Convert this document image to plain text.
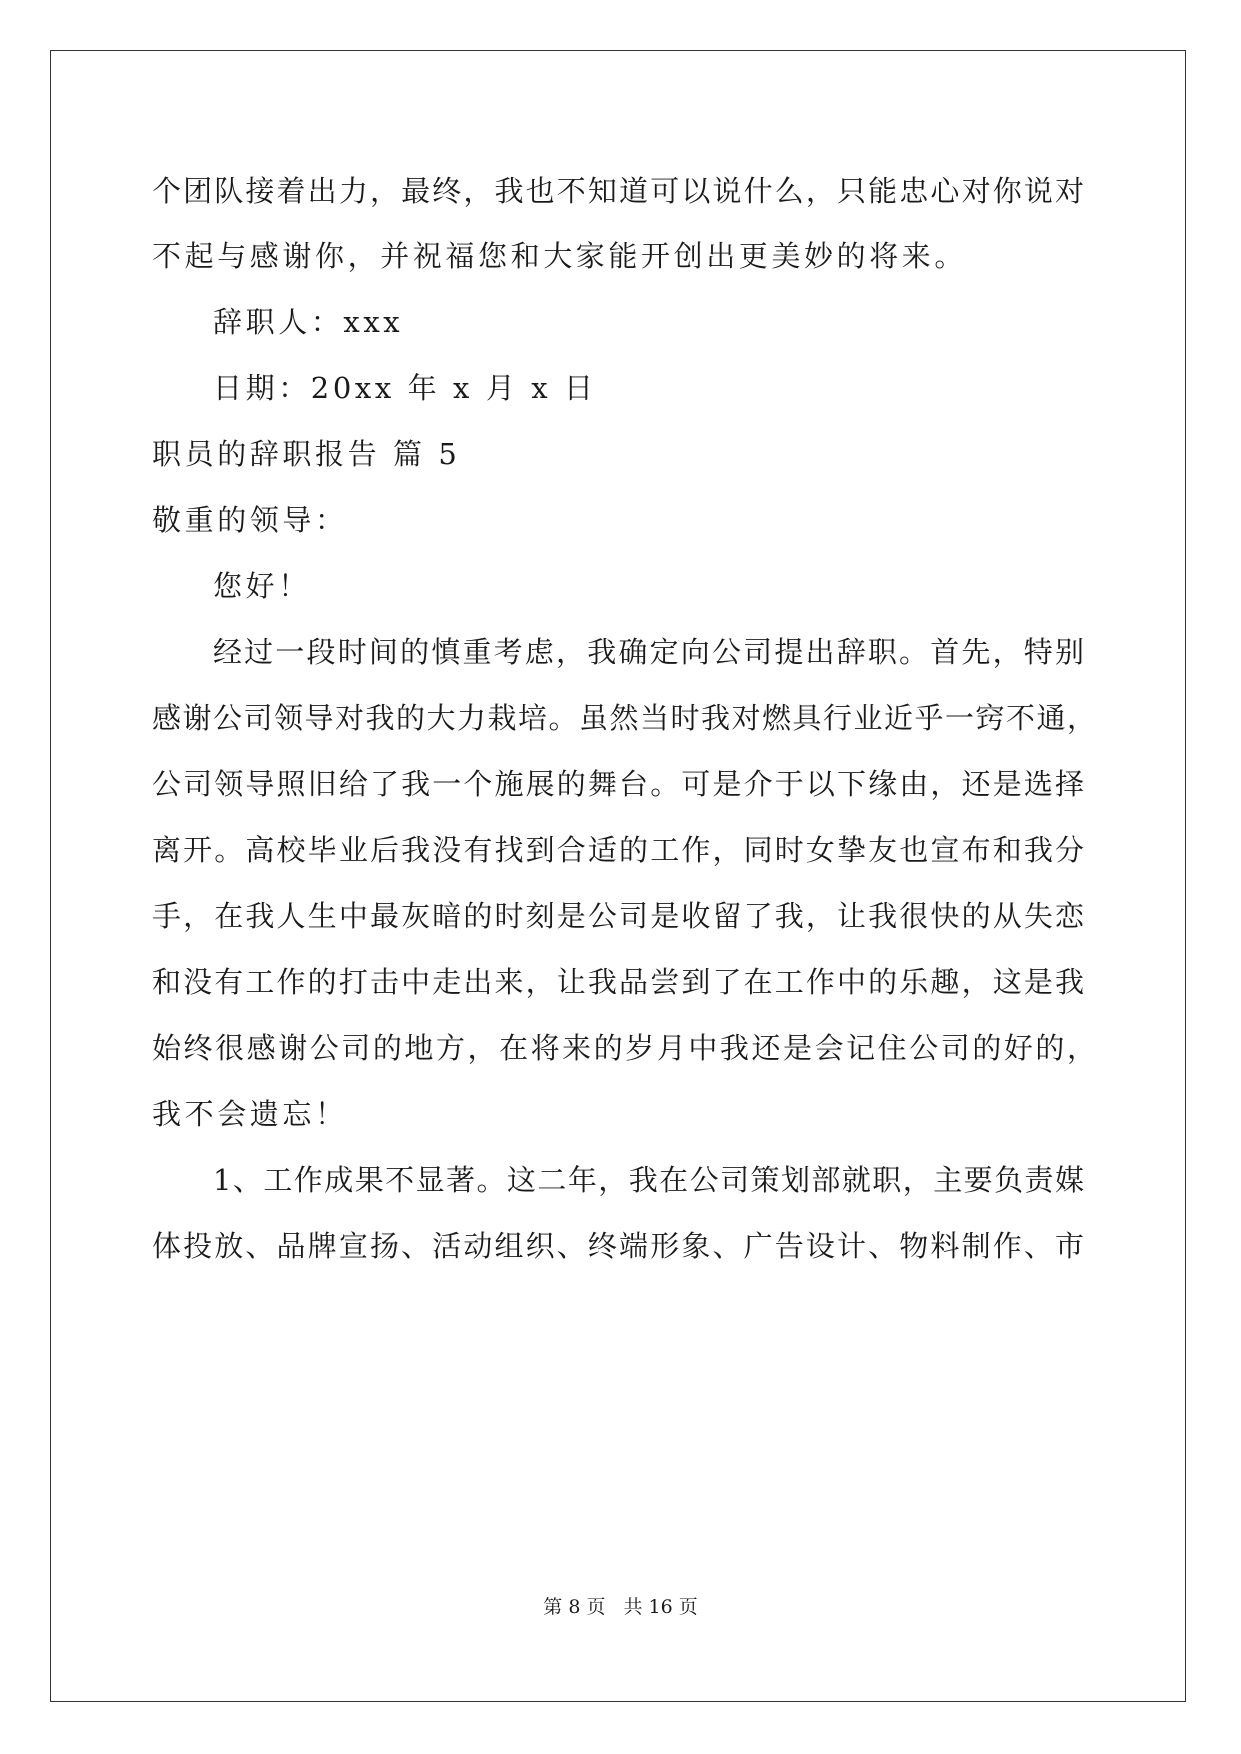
个团队接着出力，最终，我也不知道可以说什么，只能忠心对你说对
不起与感谢你，并祝福您和大家能开创出更美妙的将来。
辞职人：xxx
日期：20xx 年 x 月 x 日
职员的辞职报告 篇 5
敬重的领导：
您好！
经过一段时间的慎重考虑，我确定向公司提出辞职。首先，特别
感谢公司领导对我的大力栽培。虽然当时我对燃具行业近乎一窍不通，
公司领导照旧给了我一个施展的舞台。可是介于以下缘由，还是选择
离开。高校毕业后我没有找到合适的工作，同时女挚友也宣布和我分
手，在我人生中最灰暗的时刻是公司是收留了我，让我很快的从失恋
和没有工作的打击中走出来，让我品尝到了在工作中的乐趣，这是我
始终很感谢公司的地方，在将来的岁月中我还是会记住公司的好的，
我不会遗忘！
1、工作成果不显著。这二年，我在公司策划部就职，主要负责媒
体投放、品牌宣扬、活动组织、终端形象、广告设计、物料制作、市
第 8 页 共 16 页
